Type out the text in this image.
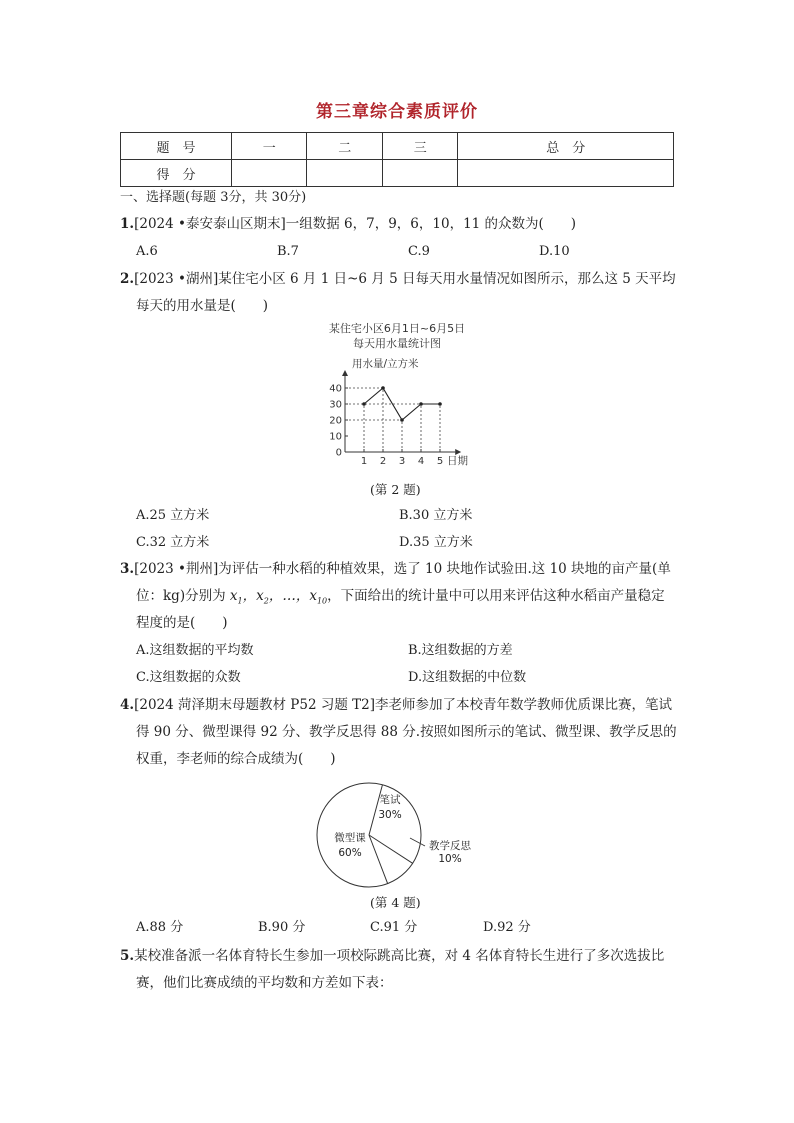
第三章综合素质评价
题　号	一	二	三	总　分
得　分				
一、选择题(每题 3分，共 30分)
1.[2024 •泰安泰山区期末]一组数据 6，7，9，6，10，11 的众数为(　　)
A.6	B.7	C.9	D.10
2.[2023 •湖州]某住宅小区 6 月 1 日~6 月 5 日每天用水量情况如图所示，那么这 5 天平均
每天的用水量是(　　)
某住宅小区6月1日~6月5日
每天用水量统计图
用水量/立方米
日期
0
10
20
30
40
1 2 3 4 5
(第 2 题)
A.25 立方米	B.30 立方米
C.32 立方米	D.35 立方米
3.[2023 •荆州]为评估一种水稻的种植效果，选了 10 块地作试验田.这 10 块地的亩产量(单
位：kg)分别为 $x_1$，$x_2$，…，$x_{10}$，下面给出的统计量中可以用来评估这种水稻亩产量稳定
程度的是(　　)
A.这组数据的平均数	B.这组数据的方差
C.这组数据的众数	D.这组数据的中位数
4.[2024 菏泽期末母题教材 P52 习题 T2]李老师参加了本校青年数学教师优质课比赛，笔试
得 90 分、微型课得 92 分、教学反思得 88 分.按照如图所示的笔试、微型课、教学反思的
权重，李老师的综合成绩为(　　)
笔试
30%
微型课
60%
教学反思
10%
(第 4 题)
A.88 分	B.90 分	C.91 分	D.92 分
5.某校准备派一名体育特长生参加一项校际跳高比赛，对 4 名体育特长生进行了多次选拔比
赛，他们比赛成绩的平均数和方差如下表：
